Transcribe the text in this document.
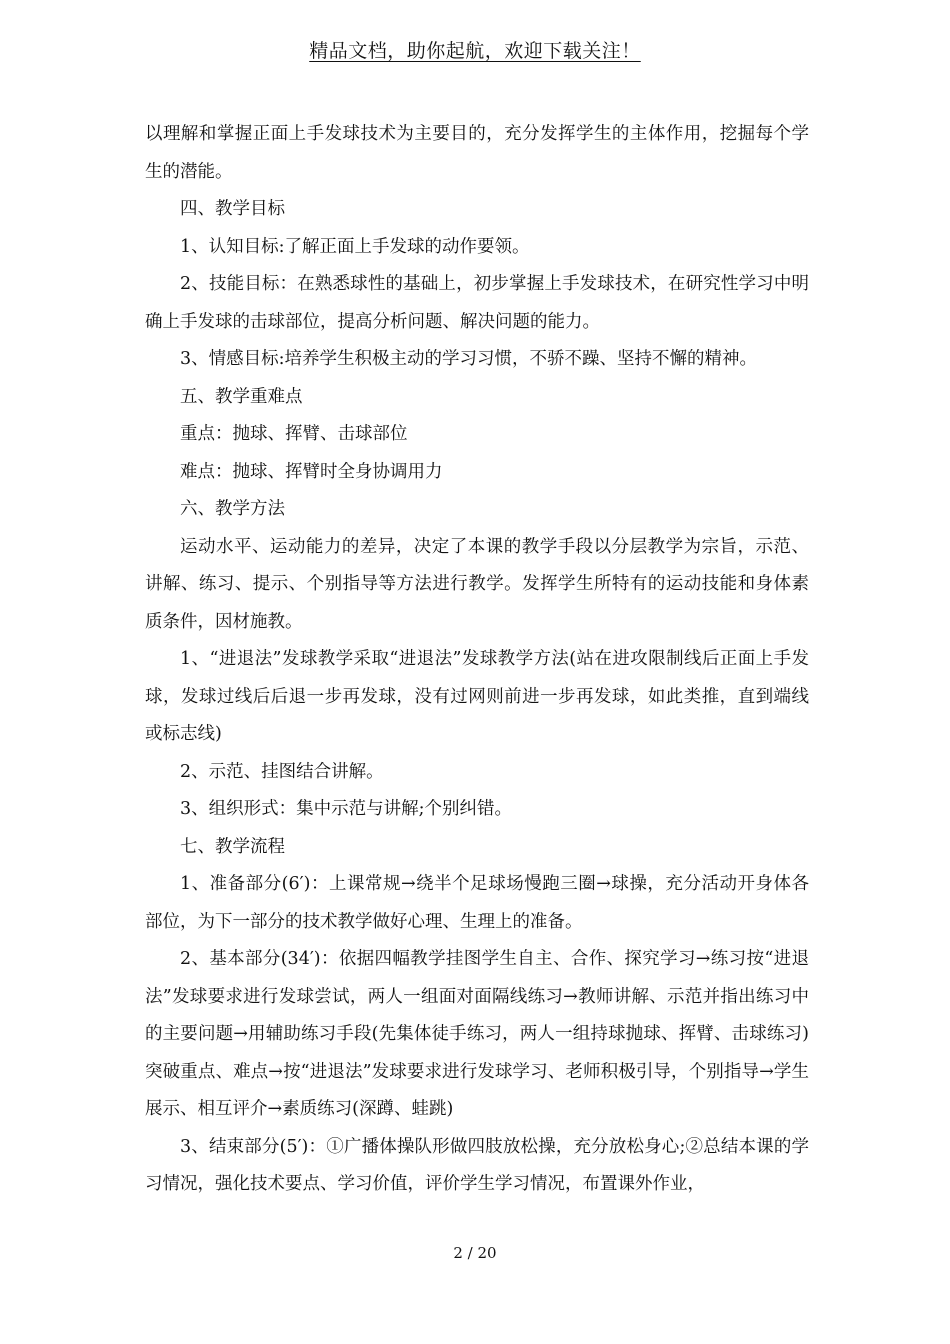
精品文档，助你起航，欢迎下载关注！

以理解和掌握正面上手发球技术为主要目的，充分发挥学生的主体作用，挖掘每个学生的潜能。

四、教学目标

1、认知目标:了解正面上手发球的动作要领。

2、技能目标：在熟悉球性的基础上，初步掌握上手发球技术，在研究性学习中明确上手发球的击球部位，提高分析问题、解决问题的能力。

3、情感目标:培养学生积极主动的学习习惯，不骄不躁、坚持不懈的精神。

五、教学重难点

重点：抛球、挥臂、击球部位

难点：抛球、挥臂时全身协调用力

六、教学方法

运动水平、运动能力的差异，决定了本课的教学手段以分层教学为宗旨，示范、讲解、练习、提示、个别指导等方法进行教学。发挥学生所特有的运动技能和身体素质条件，因材施教。

1、“进退法”发球教学采取“进退法”发球教学方法(站在进攻限制线后正面上手发球，发球过线后后退一步再发球，没有过网则前进一步再发球，如此类推，直到端线或标志线)

2、示范、挂图结合讲解。

3、组织形式：集中示范与讲解;个别纠错。

七、教学流程

1、准备部分(6′)：上课常规→绕半个足球场慢跑三圈→球操，充分活动开身体各部位，为下一部分的技术教学做好心理、生理上的准备。

2、基本部分(34′)：依据四幅教学挂图学生自主、合作、探究学习→练习按“进退法”发球要求进行发球尝试，两人一组面对面隔线练习→教师讲解、示范并指出练习中的主要问题→用辅助练习手段(先集体徒手练习，两人一组持球抛球、挥臂、击球练习)突破重点、难点→按“进退法”发球要求进行发球学习、老师积极引导，个别指导→学生展示、相互评介→素质练习(深蹲、蛙跳)

3、结束部分(5′)：①广播体操队形做四肢放松操，充分放松身心;②总结本课的学习情况，强化技术要点、学习价值，评价学生学习情况，布置课外作业，

2 / 20
